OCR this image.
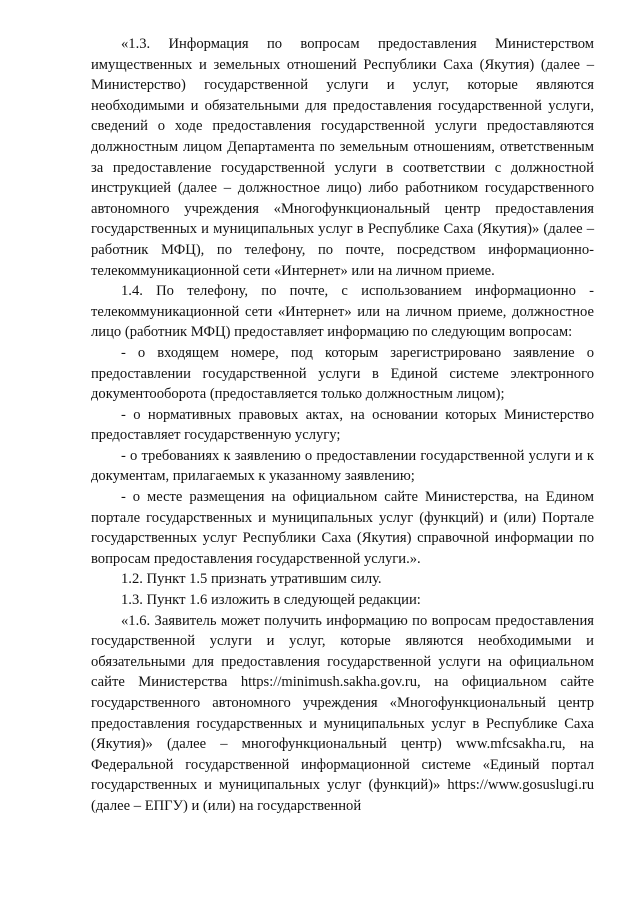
«1.3. Информация по вопросам предоставления Министерством имущественных и земельных отношений Республики Саха (Якутия) (далее – Министерство) государственной услуги и услуг, которые являются необходимыми и обязательными для предоставления государственной услуги, сведений о ходе предоставления государственной услуги предоставляются должностным лицом Департамента по земельным отношениям, ответственным за предоставление государственной услуги в соответствии с должностной инструкцией (далее – должностное лицо) либо работником государственного автономного учреждения «Многофункциональный центр предоставления государственных и муниципальных услуг в Республике Саха (Якутия)» (далее – работник МФЦ), по телефону, по почте, посредством информационно-телекоммуникационной сети «Интернет» или на личном приеме.

1.4. По телефону, по почте, с использованием информационно - телекоммуникационной сети «Интернет» или на личном приеме, должностное лицо (работник МФЦ) предоставляет информацию по следующим вопросам:

- о входящем номере, под которым зарегистрировано заявление о предоставлении государственной услуги в Единой системе электронного документооборота (предоставляется только должностным лицом);

- о нормативных правовых актах, на основании которых Министерство предоставляет государственную услугу;

- о требованиях к заявлению о предоставлении государственной услуги и к документам, прилагаемых к указанному заявлению;

- о месте размещения на официальном сайте Министерства, на Едином портале государственных и муниципальных услуг (функций) и (или) Портале государственных услуг Республики Саха (Якутия) справочной информации по вопросам предоставления государственной услуги.».

1.2. Пункт 1.5 признать утратившим силу.

1.3. Пункт 1.6 изложить в следующей редакции:

«1.6. Заявитель может получить информацию по вопросам предоставления государственной услуги и услуг, которые являются необходимыми и обязательными для предоставления государственной услуги на официальном сайте Министерства https://minimush.sakha.gov.ru, на официальном сайте государственного автономного учреждения «Многофункциональный центр предоставления государственных и муниципальных услуг в Республике Саха (Якутия)» (далее – многофункциональный центр) www.mfcsakha.ru, на Федеральной государственной информационной системе «Единый портал государственных и муниципальных услуг (функций)» https://www.gosuslugi.ru (далее – ЕПГУ) и (или) на государственной
